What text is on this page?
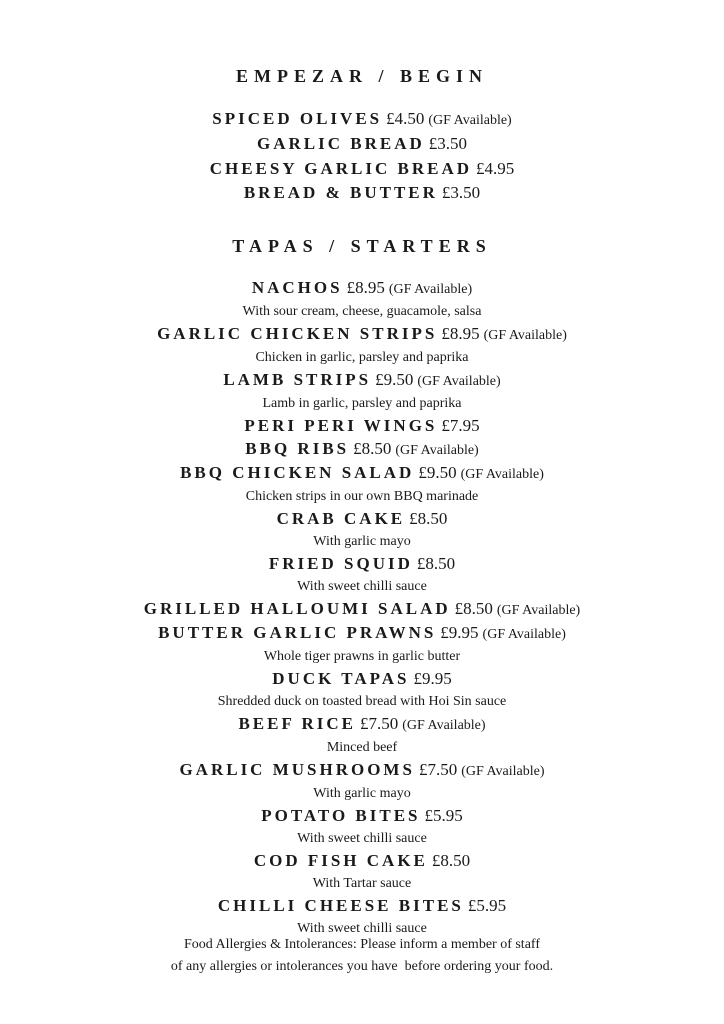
EMPEZAR / BEGIN
SPICED OLIVES £4.50 (GF Available)
GARLIC BREAD £3.50
CHEESY GARLIC BREAD £4.95
BREAD & BUTTER £3.50
TAPAS / STARTERS
NACHOS £8.95 (GF Available)
With sour cream, cheese, guacamole, salsa
GARLIC CHICKEN STRIPS £8.95 (GF Available)
Chicken in garlic, parsley and paprika
LAMB STRIPS £9.50 (GF Available)
Lamb in garlic, parsley and paprika
PERI PERI WINGS £7.95
BBQ RIBS £8.50 (GF Available)
BBQ CHICKEN SALAD £9.50 (GF Available)
Chicken strips in our own BBQ marinade
CRAB CAKE £8.50
With garlic mayo
FRIED SQUID £8.50
With sweet chilli sauce
GRILLED HALLOUMI SALAD £8.50 (GF Available)
BUTTER GARLIC PRAWNS £9.95 (GF Available)
Whole tiger prawns in garlic butter
DUCK TAPAS £9.95
Shredded duck on toasted bread with Hoi Sin sauce
BEEF RICE £7.50 (GF Available)
Minced beef
GARLIC MUSHROOMS £7.50 (GF Available)
With garlic mayo
POTATO BITES £5.95
With sweet chilli sauce
COD FISH CAKE £8.50
With Tartar sauce
CHILLI CHEESE BITES £5.95
With sweet chilli sauce
Food Allergies & Intolerances: Please inform a member of staff
of any allergies or intolerances you have  before ordering your food.
